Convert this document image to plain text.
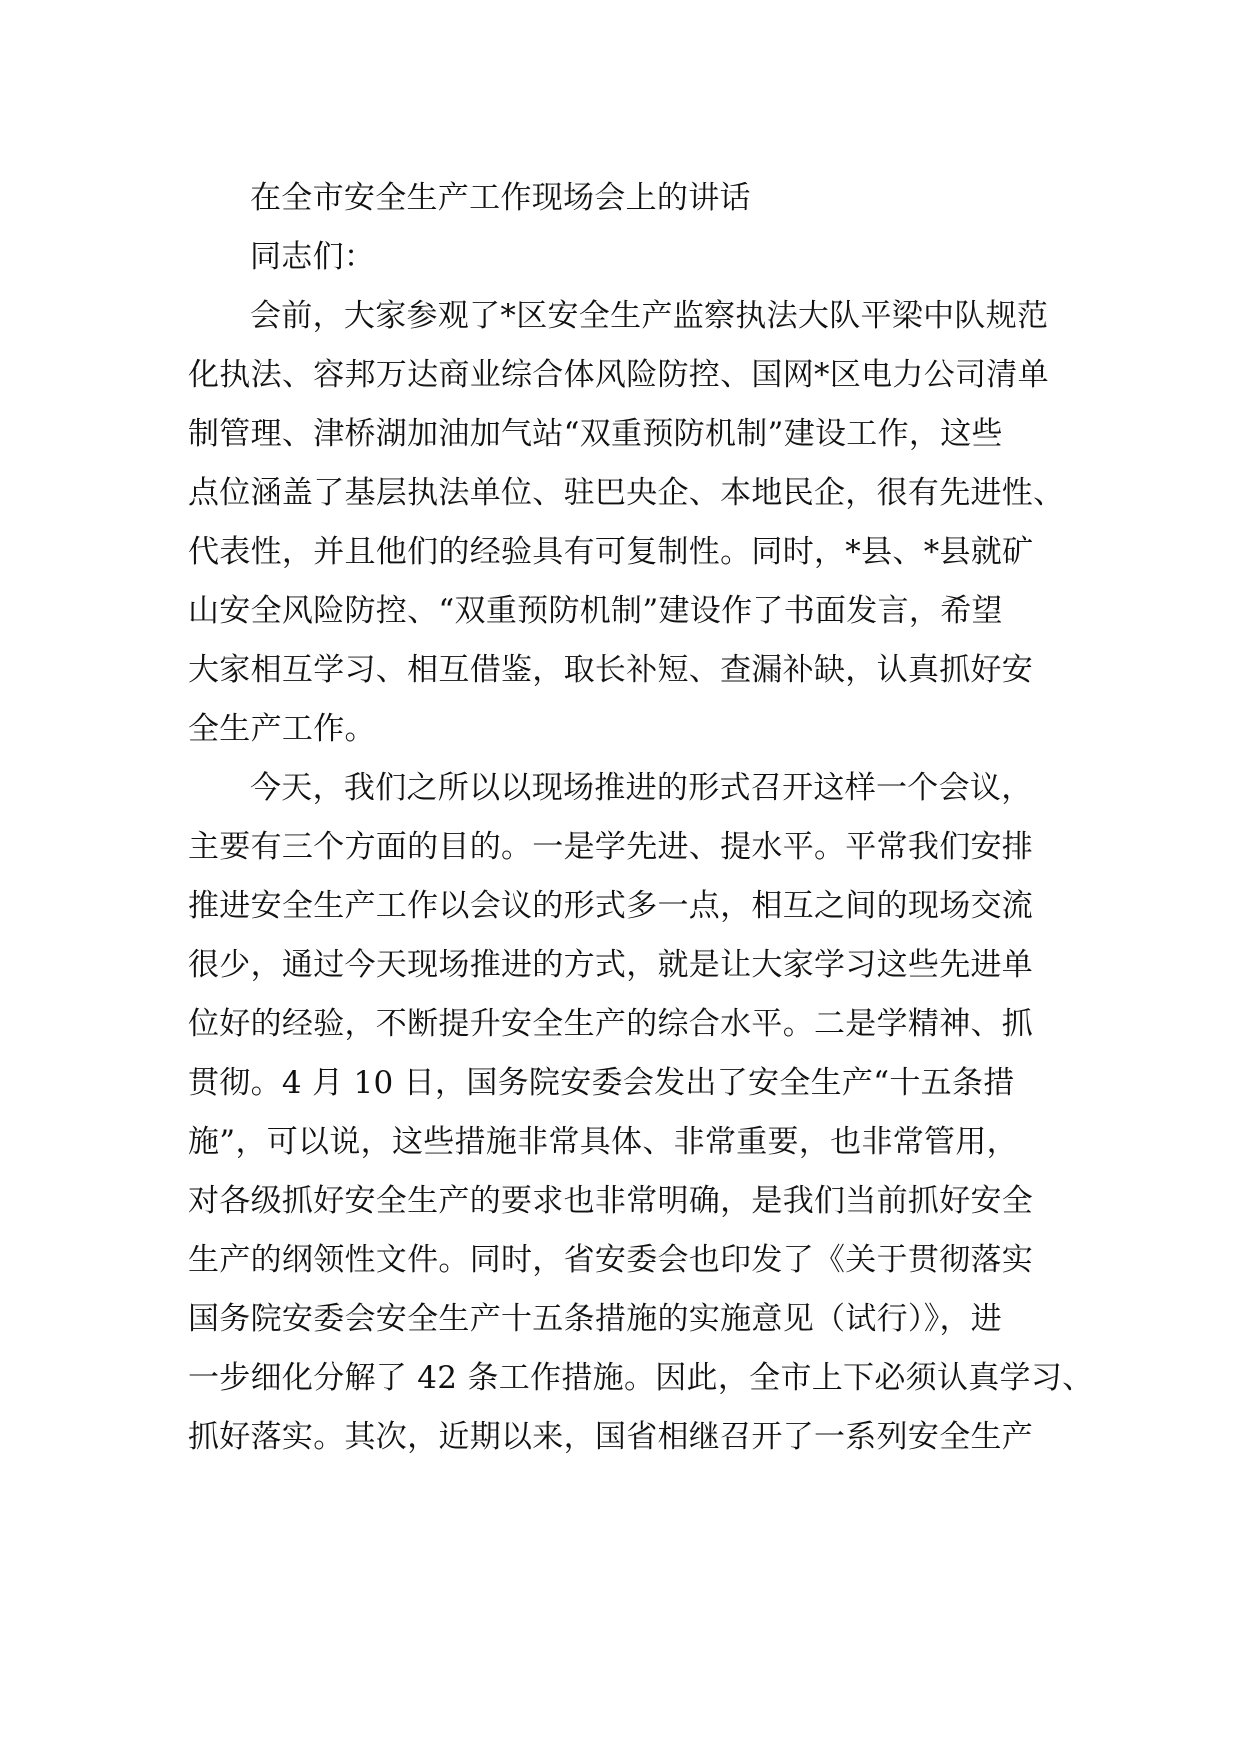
在全市安全生产工作现场会上的讲话
同志们：
会前，大家参观了*区安全生产监察执法大队平梁中队规范
化执法、容邦万达商业综合体风险防控、国网*区电力公司清单
制管理、津桥湖加油加气站“双重预防机制”建设工作，这些
点位涵盖了基层执法单位、驻巴央企、本地民企，很有先进性、
代表性，并且他们的经验具有可复制性。同时，*县、*县就矿
山安全风险防控、“双重预防机制”建设作了书面发言，希望
大家相互学习、相互借鉴，取长补短、查漏补缺，认真抓好安
全生产工作。
今天，我们之所以以现场推进的形式召开这样一个会议，
主要有三个方面的目的。一是学先进、提水平。平常我们安排
推进安全生产工作以会议的形式多一点，相互之间的现场交流
很少，通过今天现场推进的方式，就是让大家学习这些先进单
位好的经验，不断提升安全生产的综合水平。二是学精神、抓
贯彻。4 月 10 日，国务院安委会发出了安全生产“十五条措
施”，可以说，这些措施非常具体、非常重要，也非常管用，
对各级抓好安全生产的要求也非常明确，是我们当前抓好安全
生产的纲领性文件。同时，省安委会也印发了《关于贯彻落实
国务院安委会安全生产十五条措施的实施意见（试行）》，进
一步细化分解了 42 条工作措施。因此，全市上下必须认真学习、
抓好落实。其次，近期以来，国省相继召开了一系列安全生产
